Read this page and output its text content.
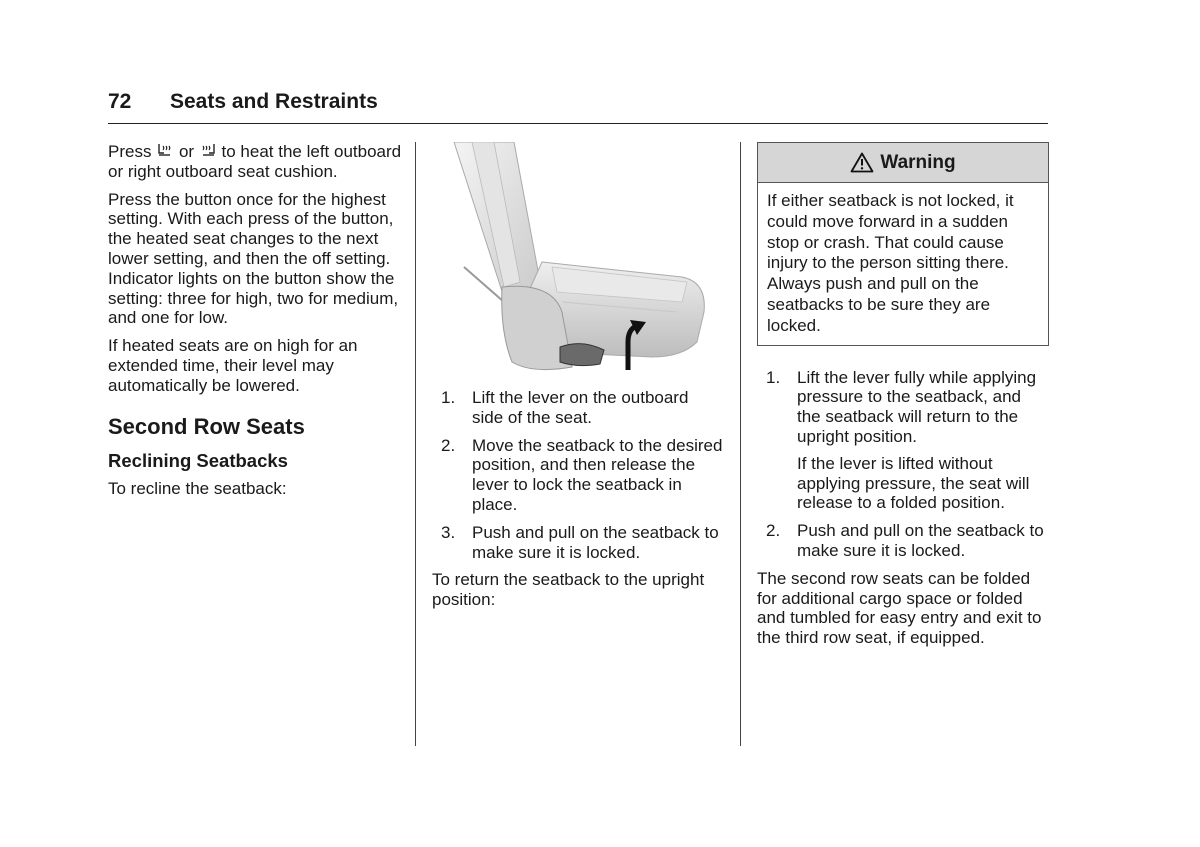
72 Seats and Restraints

Press or to heat the left outboard or right outboard seat cushion.

Press the button once for the highest setting. With each press of the button, the heated seat changes to the next lower setting, and then the off setting. Indicator lights on the button show the setting: three for high, two for medium, and one for low.

If heated seats are on high for an extended time, their level may automatically be lowered.

Second Row Seats
Reclining Seatbacks

To recline the seatback:

1. Lift the lever on the outboard side of the seat.
2. Move the seatback to the desired position, and then release the lever to lock the seatback in place.
3. Push and pull on the seatback to make sure it is locked.

To return the seatback to the upright position:

Warning
If either seatback is not locked, it could move forward in a sudden stop or crash. That could cause injury to the person sitting there. Always push and pull on the seatbacks to be sure they are locked.
1. Lift the lever fully while applying pressure to the seatback, and the seatback will return to the upright position.
If the lever is lifted without applying pressure, the seat will release to a folded position.
2. Push and pull on the seatback to make sure it is locked.

The second row seats can be folded for additional cargo space or folded and tumbled for easy entry and exit to the third row seat, if equipped.
